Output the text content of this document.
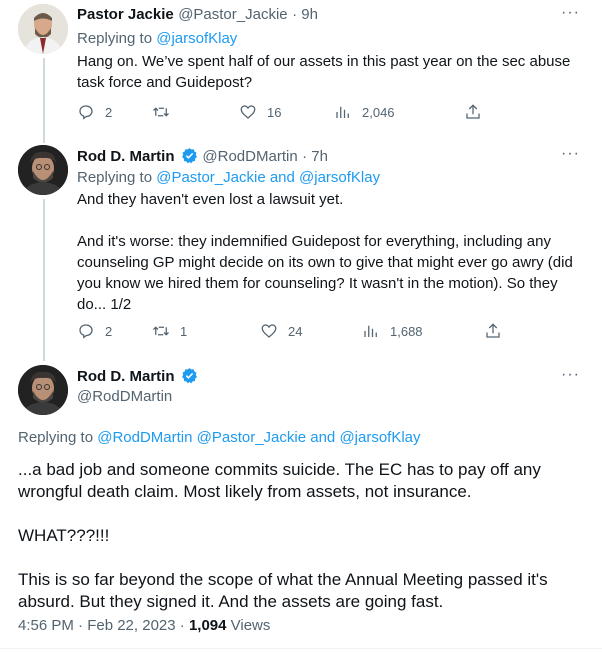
Pastor Jackie @Pastor_Jackie · 9h	···
Replying to @jarsofKlay
Hang on. We’ve spent half of our assets in this past year on the sec abuse task force and Guidepost?
2	16	2,046
Rod D. Martin @RodDMartin · 7h	···
Replying to @Pastor_Jackie and @jarsofKlay
And they haven't even lost a lawsuit yet.

And it's worse: they indemnified Guidepost for everything, including any counseling GP might decide on its own to give that might ever go awry (did you know we hired them for counseling? It wasn't in the motion). So they do... 1/2
2	1	24	1,688
Rod D. Martin
@RodDMartin
···
Replying to @RodDMartin @Pastor_Jackie and @jarsofKlay
...a bad job and someone commits suicide. The EC has to pay off any wrongful death claim. Most likely from assets, not insurance.

WHAT???!!!

This is so far beyond the scope of what the Annual Meeting passed it's absurd. But they signed it. And the assets are going fast.
4:56 PM · Feb 22, 2023 · 1,094 Views
